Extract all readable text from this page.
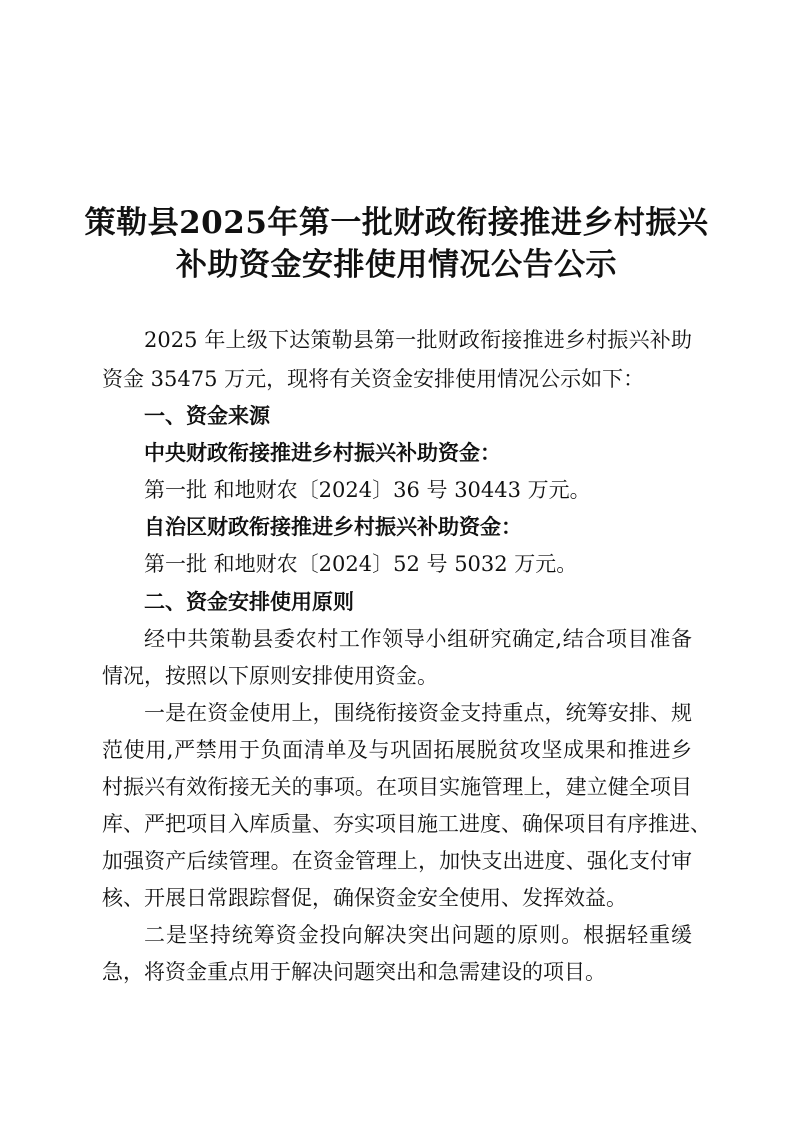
策勒县2025年第一批财政衔接推进乡村振兴
补助资金安排使用情况公告公示
2025 年上级下达策勒县第一批财政衔接推进乡村振兴补助
资金 35475 万元，现将有关资金安排使用情况公示如下：
一、资金来源
中央财政衔接推进乡村振兴补助资金：
第一批 和地财农〔2024〕36 号 30443 万元。
自治区财政衔接推进乡村振兴补助资金：
第一批 和地财农〔2024〕52 号 5032 万元。
二、资金安排使用原则
经中共策勒县委农村工作领导小组研究确定,结合项目准备
情况，按照以下原则安排使用资金。
一是在资金使用上，围绕衔接资金支持重点，统筹安排、规
范使用,严禁用于负面清单及与巩固拓展脱贫攻坚成果和推进乡
村振兴有效衔接无关的事项。在项目实施管理上，建立健全项目
库、严把项目入库质量、夯实项目施工进度、确保项目有序推进、
加强资产后续管理。在资金管理上，加快支出进度、强化支付审
核、开展日常跟踪督促，确保资金安全使用、发挥效益。
二是坚持统筹资金投向解决突出问题的原则。根据轻重缓
急，将资金重点用于解决问题突出和急需建设的项目。
